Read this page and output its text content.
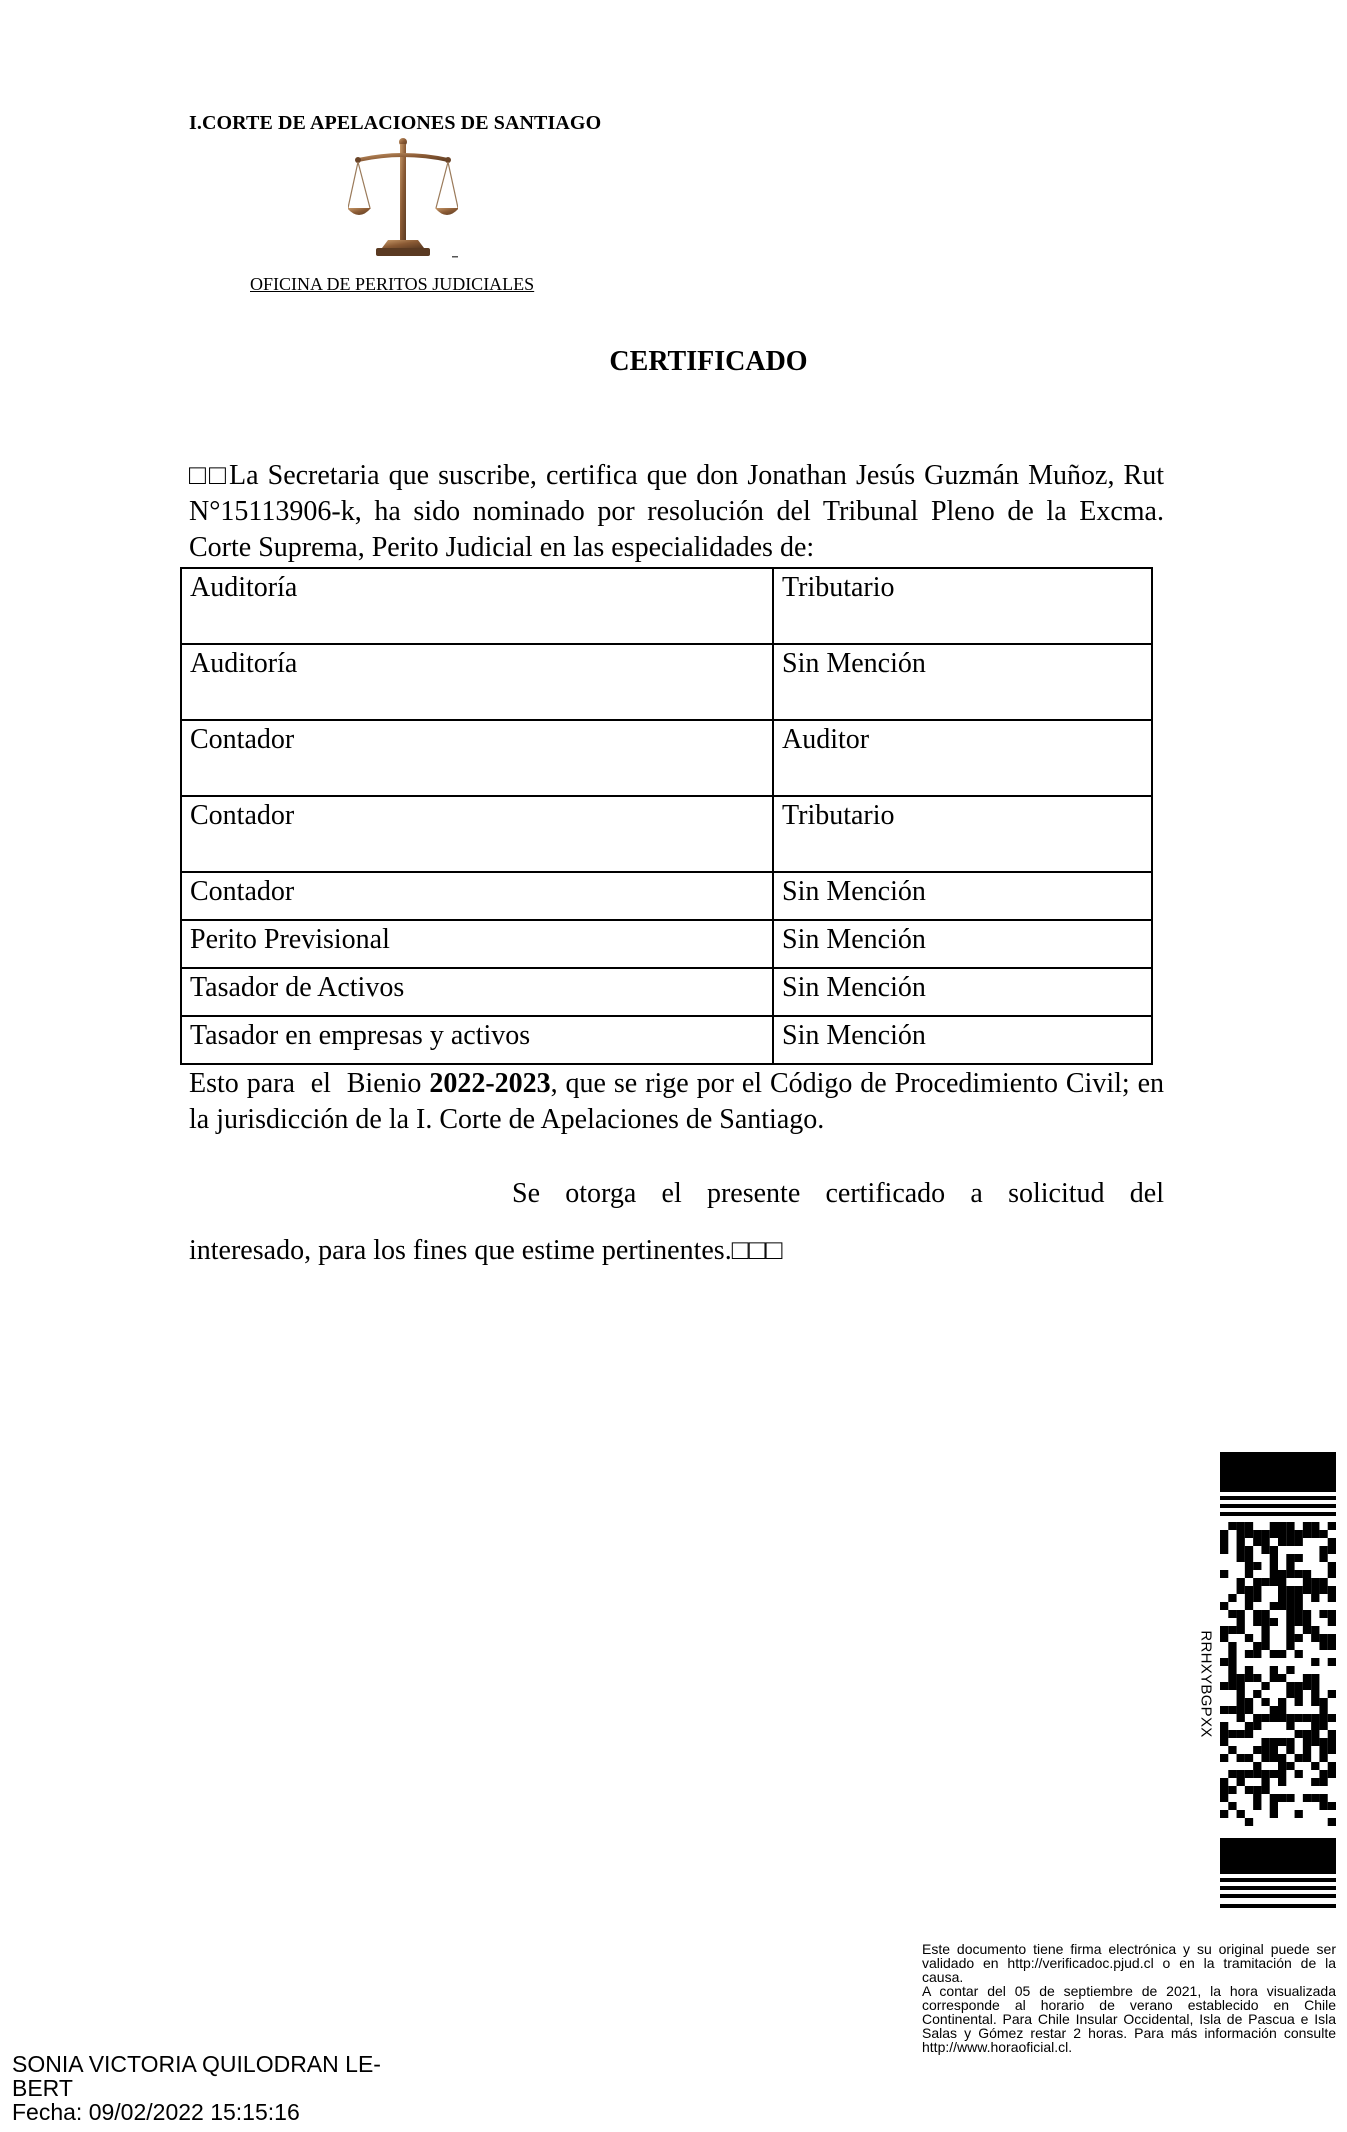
I.CORTE DE APELACIONES DE SANTIAGO
OFICINA DE PERITOS JUDICIALES
CERTIFICADO
□□La Secretaria que suscribe, certifica que don Jonathan Jesús Guzmán Muñoz, Rut N°15113906-k, ha sido nominado por resolución del Tribunal Pleno de la Excma. Corte Suprema, Perito Judicial en las especialidades de:
Auditoría	Tributario
Auditoría	Sin Mención
Contador	Auditor
Contador	Tributario
Contador	Sin Mención
Perito Previsional	Sin Mención
Tasador de Activos	Sin Mención
Tasador en empresas y activos	Sin Mención
Esto para  el  Bienio 2022-2023, que se rige por el Código de Procedimiento Civil; en la jurisdicción de la I. Corte de Apelaciones de Santiago.
Se otorga el presente certificado a solicitud del
interesado, para los fines que estime pertinentes.□□□
RRHXYBGPXX

Este documento tiene firma electrónica y su original puede ser validado en http://verificadoc.pjud.cl o en la tramitación de la causa.

A contar del 05 de septiembre de 2021, la hora visualizada corresponde al horario de verano establecido en Chile Continental. Para Chile Insular Occidental, Isla de Pascua e Isla Salas y Gómez restar 2 horas. Para más información consulte http://www.horaoficial.cl.

SONIA VICTORIA QUILODRAN LE-
BERT
Fecha: 09/02/2022 15:15:16
